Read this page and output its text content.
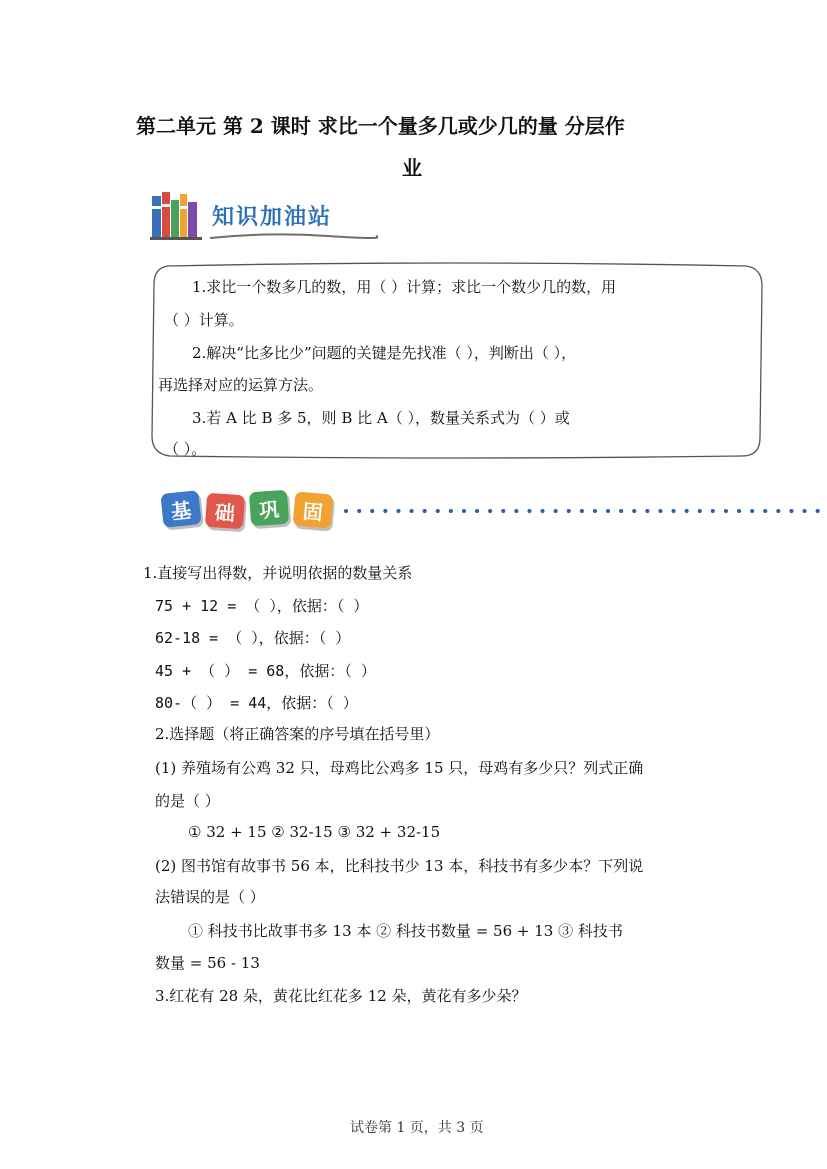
第二单元 第 2 课时 求比一个量多几或少几的量 分层作
业
知识加油站
1.求比一个数多几的数，用（ ）计算；求比一个数少几的数，用
（ ）计算。
2.解决“比多比少”问题的关键是先找准（ ），判断出（ ），
再选择对应的运算方法。
3.若 A 比 B 多 5，则 B 比 A（ ），数量关系式为（ ）或
（ ）。
基	础	巩	固
1.直接写出得数，并说明依据的数量关系
75 + 12 = （ ），依据：（ ）
62-18 = （ ），依据：（ ）
45 + （ ） = 68，依据：（ ）
80-（ ） = 44，依据：（ ）
2.选择题（将正确答案的序号填在括号里）
(1) 养殖场有公鸡 32 只，母鸡比公鸡多 15 只，母鸡有多少只？列式正确
的是（ ）
① 32 + 15 ② 32-15 ③ 32 + 32-15
(2) 图书馆有故事书 56 本，比科技书少 13 本，科技书有多少本？下列说
法错误的是（ ）
① 科技书比故事书多 13 本 ② 科技书数量 = 56 + 13 ③ 科技书
数量 = 56 - 13
3.红花有 28 朵，黄花比红花多 12 朵，黄花有多少朵？
试卷第 1 页，共 3 页
